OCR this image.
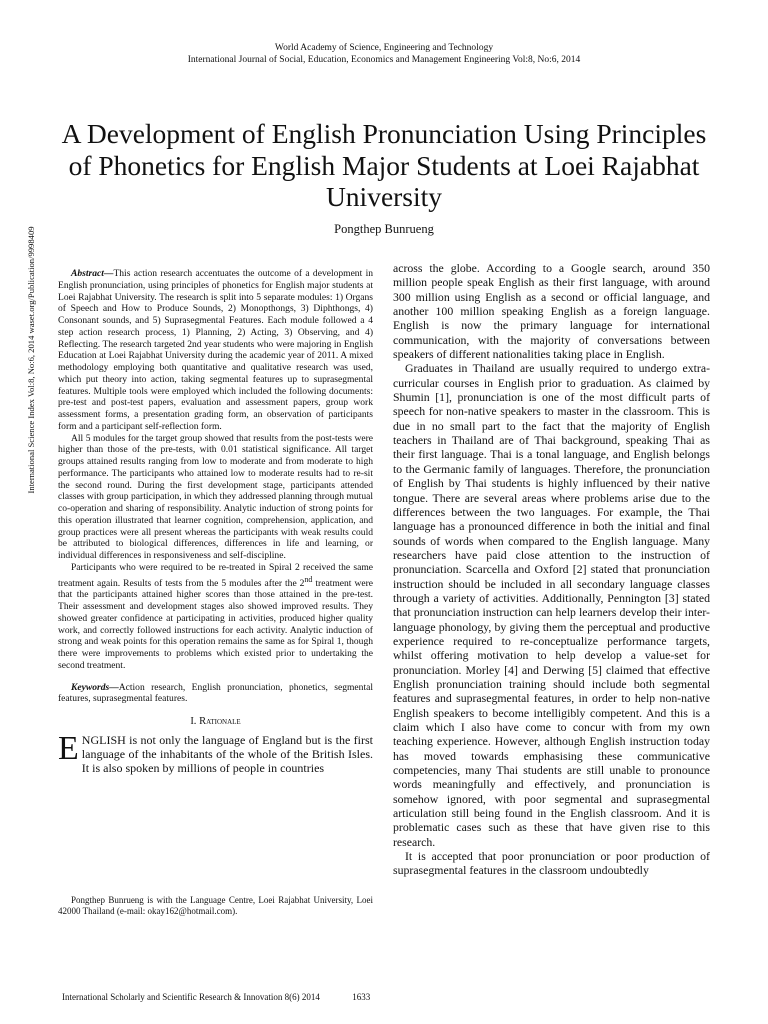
World Academy of Science, Engineering and Technology
International Journal of Social, Education, Economics and Management Engineering Vol:8, No:6, 2014
A Development of English Pronunciation Using Principles of Phonetics for English Major Students at Loei Rajabhat University
Pongthep Bunrueng
International Science Index Vol:8, No:6, 2014 waset.org/Publication/9998409	Abstract—This action research accentuates the outcome of a development in English pronunciation, using principles of phonetics for English major students at Loei Rajabhat University. The research is split into 5 separate modules: 1) Organs of Speech and How to Produce Sounds, 2) Monopthongs, 3) Diphthongs, 4) Consonant sounds, and 5) Suprasegmental Features. Each module followed a 4 step action research process, 1) Planning, 2) Acting, 3) Observing, and 4) Reflecting. The research targeted 2nd year students who were majoring in English Education at Loei Rajabhat University during the academic year of 2011. A mixed methodology employing both quantitative and qualitative research was used, which put theory into action, taking segmental features up to suprasegmental features. Multiple tools were employed which included the following documents: pre-test and post-test papers, evaluation and assessment papers, group work assessment forms, a presentation grading form, an observation of participants form and a participant self-reflection form.

All 5 modules for the target group showed that results from the post-tests were higher than those of the pre-tests, with 0.01 statistical significance. All target groups attained results ranging from low to moderate and from moderate to high performance. The participants who attained low to moderate results had to re-sit the second round. During the first development stage, participants attended classes with group participation, in which they addressed planning through mutual co-operation and sharing of responsibility. Analytic induction of strong points for this operation illustrated that learner cognition, comprehension, application, and group practices were all present whereas the participants with weak results could be attributed to biological differences, differences in life and learning, or individual differences in responsiveness and self-discipline.

Participants who were required to be re-treated in Spiral 2 received the same treatment again. Results of tests from the 5 modules after the 2nd treatment were that the participants attained higher scores than those attained in the pre-test. Their assessment and development stages also showed improved results. They showed greater confidence at participating in activities, produced higher quality work, and correctly followed instructions for each activity. Analytic induction of strong and weak points for this operation remains the same as for Spiral 1, though there were improvements to problems which existed prior to undertaking the second treatment.

Keywords—Action research, English pronunciation, phonetics, segmental features, suprasegmental features.

I. Rationale

ENGLISH is not only the language of England but is the first language of the inhabitants of the whole of the British Isles. It is also spoken by millions of people in countries

Pongthep Bunrueng is with the Language Centre, Loei Rajabhat University, Loei 42000 Thailand (e-mail: okay162@hotmail.com).

across the globe. According to a Google search, around 350 million people speak English as their first language, with around 300 million using English as a second or official language, and another 100 million speaking English as a foreign language. English is now the primary language for international communication, with the majority of conversations between speakers of different nationalities taking place in English.

Graduates in Thailand are usually required to undergo extra-curricular courses in English prior to graduation. As claimed by Shumin [1], pronunciation is one of the most difficult parts of speech for non-native speakers to master in the classroom. This is due in no small part to the fact that the majority of English teachers in Thailand are of Thai background, speaking Thai as their first language. Thai is a tonal language, and English belongs to the Germanic family of languages. Therefore, the pronunciation of English by Thai students is highly influenced by their native tongue. There are several areas where problems arise due to the differences between the two languages. For example, the Thai language has a pronounced difference in both the initial and final sounds of words when compared to the English language. Many researchers have paid close attention to the instruction of pronunciation. Scarcella and Oxford [2] stated that pronunciation instruction should be included in all secondary language classes through a variety of activities. Additionally, Pennington [3] stated that pronunciation instruction can help learners develop their inter-language phonology, by giving them the perceptual and productive experience required to re-conceptualize performance targets, whilst offering motivation to help develop a value-set for pronunciation. Morley [4] and Derwing [5] claimed that effective English pronunciation training should include both segmental features and suprasegmental features, in order to help non-native English speakers to become intelligibly competent. And this is a claim which I also have come to concur with from my own teaching experience. However, although English instruction today has moved towards emphasising these communicative competencies, many Thai students are still unable to pronounce words meaningfully and effectively, and pronunciation is somehow ignored, with poor segmental and suprasegmental articulation still being found in the English classroom. And it is problematic cases such as these that have given rise to this research.

It is accepted that poor pronunciation or poor production of suprasegmental features in the classroom undoubtedly

International Scholarly and Scientific Research & Innovation 8(6) 2014	1633
